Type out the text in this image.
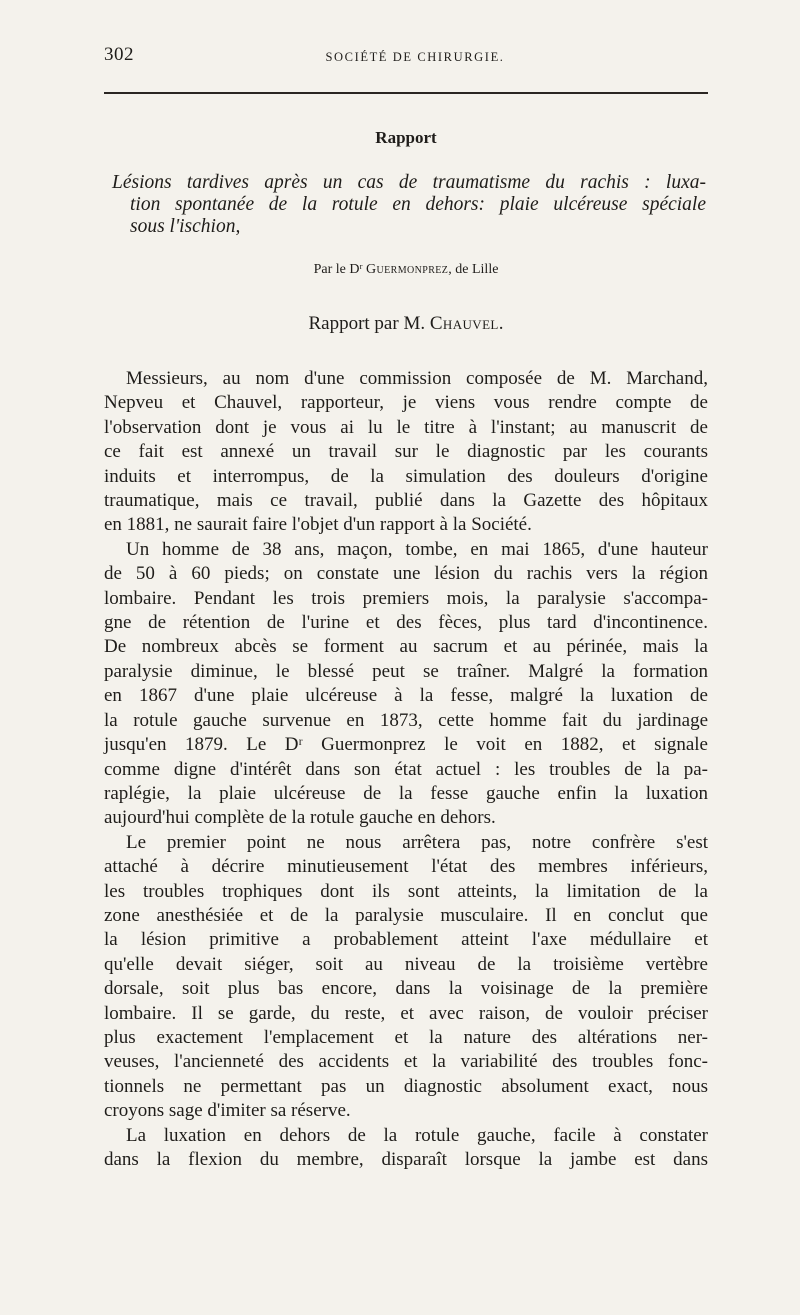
302	SOCIÉTÉ DE CHIRURGIE.
Rapport
Lésions tardives après un cas de traumatisme du rachis : luxa-
tion spontanée de la rotule en dehors: plaie ulcéreuse spéciale
sous l'ischion,
Par le Dʳ Guermonprez, de Lille
Rapport par M. Chauvel.
Messieurs, au nom d'une commission composée de M. Marchand,
Nepveu et Chauvel, rapporteur, je viens vous rendre compte de
l'observation dont je vous ai lu le titre à l'instant; au manuscrit de
ce fait est annexé un travail sur le diagnostic par les courants
induits et interrompus, de la simulation des douleurs d'origine
traumatique, mais ce travail, publié dans la Gazette des hôpitaux
en 1881, ne saurait faire l'objet d'un rapport à la Société.
Un homme de 38 ans, maçon, tombe, en mai 1865, d'une hauteur
de 50 à 60 pieds; on constate une lésion du rachis vers la région
lombaire. Pendant les trois premiers mois, la paralysie s'accompa-
gne de rétention de l'urine et des fèces, plus tard d'incontinence.
De nombreux abcès se forment au sacrum et au périnée, mais la
paralysie diminue, le blessé peut se traîner. Malgré la formation
en 1867 d'une plaie ulcéreuse à la fesse, malgré la luxation de
la rotule gauche survenue en 1873, cette homme fait du jardinage
jusqu'en 1879. Le Dʳ Guermonprez le voit en 1882, et signale
comme digne d'intérêt dans son état actuel : les troubles de la pa-
raplégie, la plaie ulcéreuse de la fesse gauche enfin la luxation
aujourd'hui complète de la rotule gauche en dehors.
Le premier point ne nous arrêtera pas, notre confrère s'est
attaché à décrire minutieusement l'état des membres inférieurs,
les troubles trophiques dont ils sont atteints, la limitation de la
zone anesthésiée et de la paralysie musculaire. Il en conclut que
la lésion primitive a probablement atteint l'axe médullaire et
qu'elle devait siéger, soit au niveau de la troisième vertèbre
dorsale, soit plus bas encore, dans la voisinage de la première
lombaire. Il se garde, du reste, et avec raison, de vouloir préciser
plus exactement l'emplacement et la nature des altérations ner-
veuses, l'ancienneté des accidents et la variabilité des troubles fonc-
tionnels ne permettant pas un diagnostic absolument exact, nous
croyons sage d'imiter sa réserve.
La luxation en dehors de la rotule gauche, facile à constater
dans la flexion du membre, disparaît lorsque la jambe est dans
